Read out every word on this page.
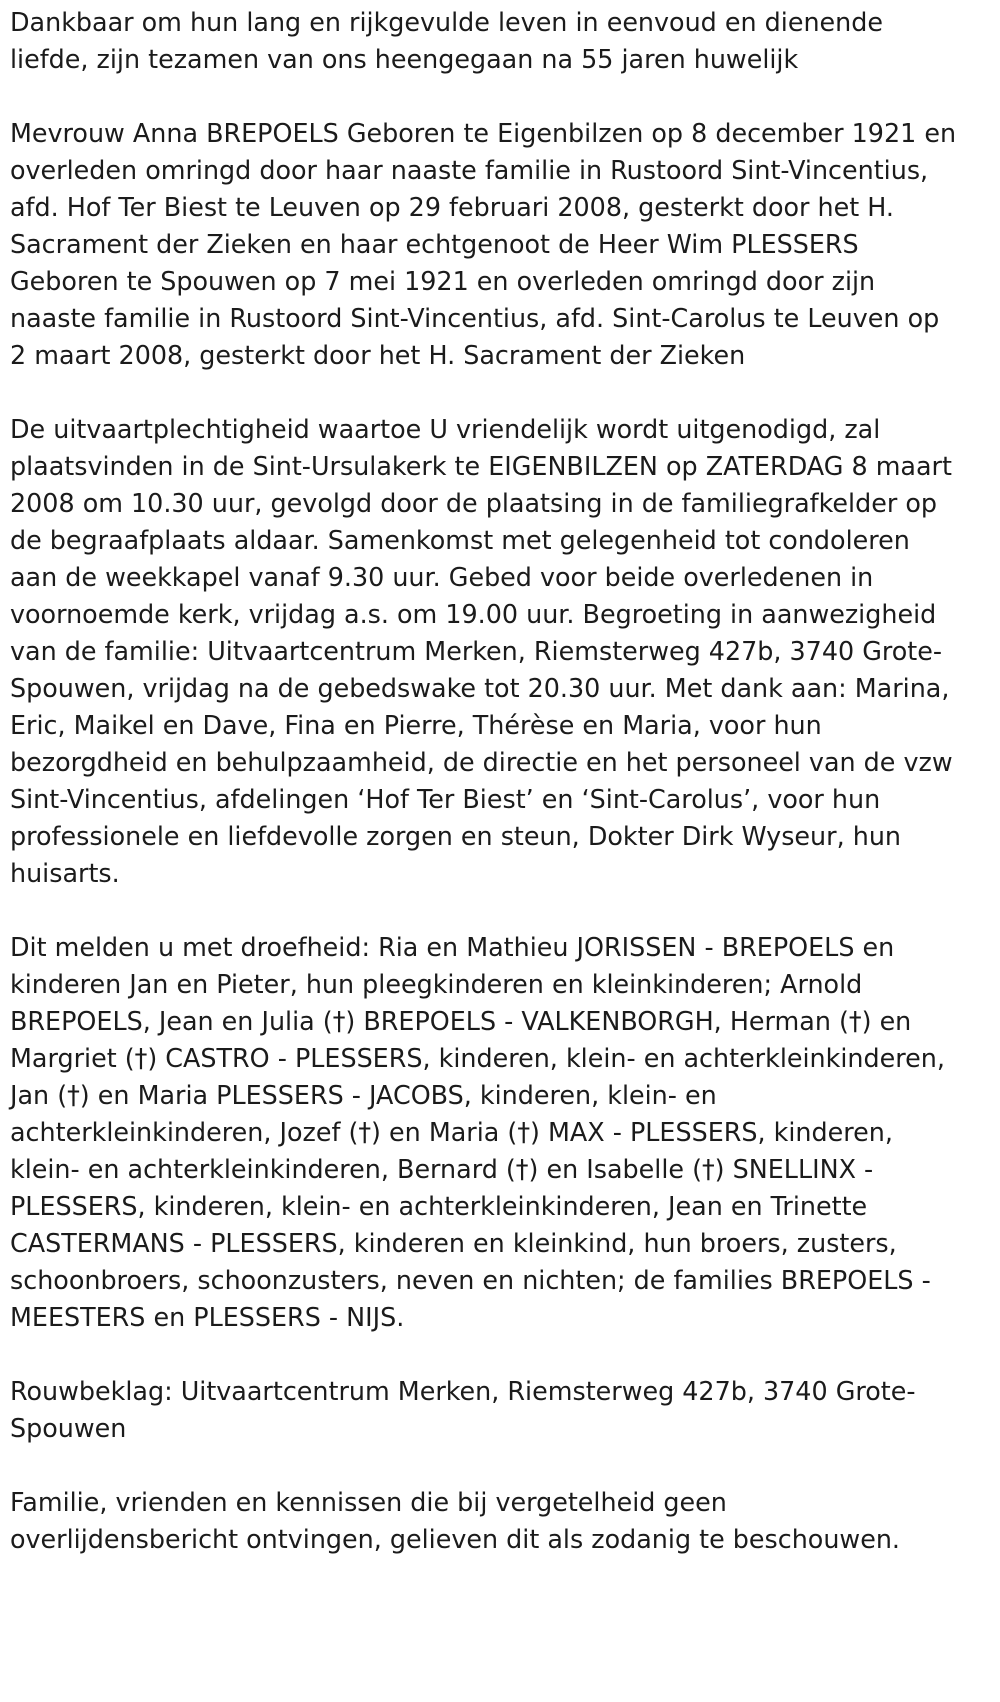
Dankbaar om hun lang en rijkgevulde leven in eenvoud en dienende
liefde, zijn tezamen van ons heengegaan na 55 jaren huwelijk

Mevrouw Anna BREPOELS Geboren te Eigenbilzen op 8 december 1921 en
overleden omringd door haar naaste familie in Rustoord Sint-Vincentius,
afd. Hof Ter Biest te Leuven op 29 februari 2008, gesterkt door het H.
Sacrament der Zieken en haar echtgenoot de Heer Wim PLESSERS
Geboren te Spouwen op 7 mei 1921 en overleden omringd door zijn
naaste familie in Rustoord Sint-Vincentius, afd. Sint-Carolus te Leuven op
2 maart 2008, gesterkt door het H. Sacrament der Zieken

De uitvaartplechtigheid waartoe U vriendelijk wordt uitgenodigd, zal
plaatsvinden in de Sint-Ursulakerk te EIGENBILZEN op ZATERDAG 8 maart
2008 om 10.30 uur, gevolgd door de plaatsing in de familiegrafkelder op
de begraafplaats aldaar. Samenkomst met gelegenheid tot condoleren
aan de weekkapel vanaf 9.30 uur. Gebed voor beide overledenen in
voornoemde kerk, vrijdag a.s. om 19.00 uur. Begroeting in aanwezigheid
van de familie: Uitvaartcentrum Merken, Riemsterweg 427b, 3740 Grote-
Spouwen, vrijdag na de gebedswake tot 20.30 uur. Met dank aan: Marina,
Eric, Maikel en Dave, Fina en Pierre, Thérèse en Maria, voor hun
bezorgdheid en behulpzaamheid, de directie en het personeel van de vzw
Sint-Vincentius, afdelingen ‘Hof Ter Biest’ en ‘Sint-Carolus’, voor hun
professionele en liefdevolle zorgen en steun, Dokter Dirk Wyseur, hun
huisarts.

Dit melden u met droefheid: Ria en Mathieu JORISSEN - BREPOELS en
kinderen Jan en Pieter, hun pleegkinderen en kleinkinderen; Arnold
BREPOELS, Jean en Julia (†) BREPOELS - VALKENBORGH, Herman (†) en
Margriet (†) CASTRO - PLESSERS, kinderen, klein- en achterkleinkinderen,
Jan (†) en Maria PLESSERS - JACOBS, kinderen, klein- en
achterkleinkinderen, Jozef (†) en Maria (†) MAX - PLESSERS, kinderen,
klein- en achterkleinkinderen, Bernard (†) en Isabelle (†) SNELLINX -
PLESSERS, kinderen, klein- en achterkleinkinderen, Jean en Trinette
CASTERMANS - PLESSERS, kinderen en kleinkind, hun broers, zusters,
schoonbroers, schoonzusters, neven en nichten; de families BREPOELS -
MEESTERS en PLESSERS - NIJS.

Rouwbeklag: Uitvaartcentrum Merken, Riemsterweg 427b, 3740 Grote-
Spouwen

Familie, vrienden en kennissen die bij vergetelheid geen
overlijdensbericht ontvingen, gelieven dit als zodanig te beschouwen.
